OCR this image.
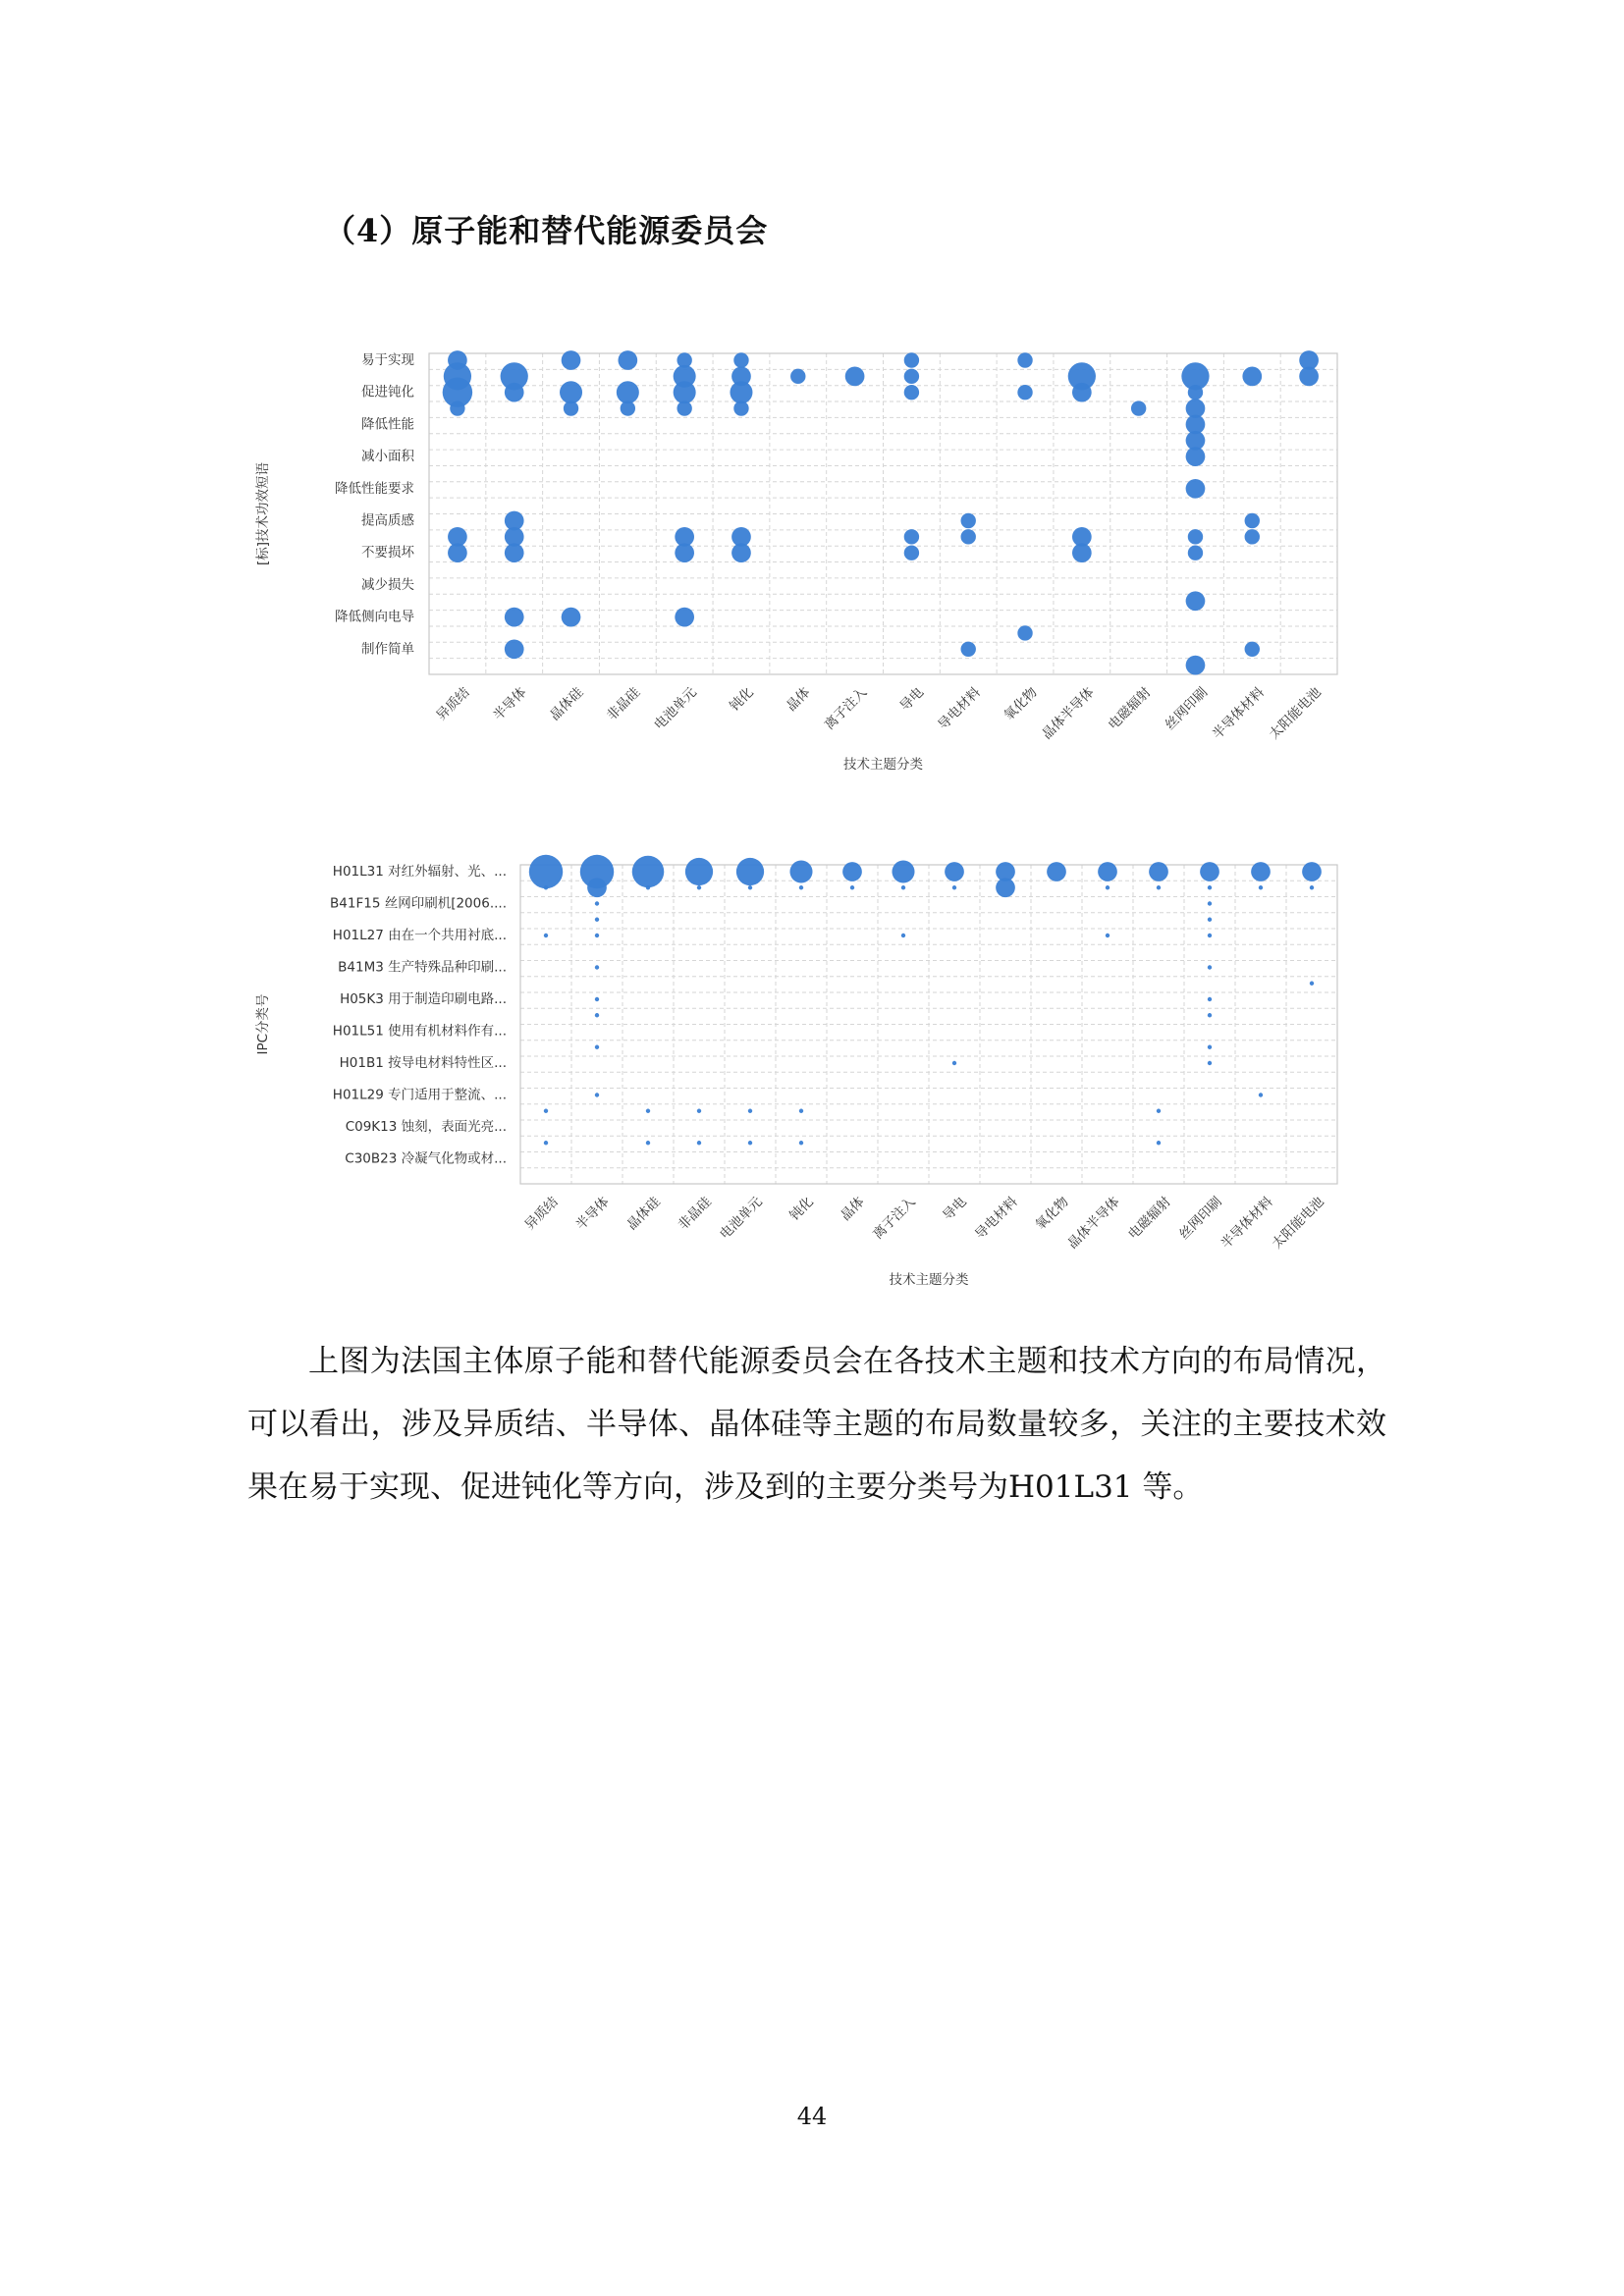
（4）原子能和替代能源委员会
易于实现
促进钝化
降低性能
减小面积
降低性能要求
提高质感
不要损坏
减少损失
降低侧向电导
制作简单
异质结 半导体 晶体硅 非晶硅 电池单元 钝化 晶体 离子注入 导电 导电材料 氧化物
晶体半导体 电磁辐射 丝网印刷
半导体材料
太阳能电池
技术主题分类
[标]技术功效短语
H01L31 对红外辐射、光、...
B41F15 丝网印刷机[2006....
H01L27 由在一个共用衬底...
B41M3 生产特殊品种印刷...
H05K3 用于制造印刷电路...
H01L51 使用有机材料作有...
H01B1 按导电材料特性区...
H01L29 专门适用于整流、...
C09K13 蚀刻，表面光亮...
C30B23 冷凝气化物或材...
异质结 半导体 晶体硅 非晶硅 电池单元 钝化 晶体 离子注入 导电 导电材料 氧化物
晶体半导体 电磁辐射 丝网印刷
半导体材料
太阳能电池
技术主题分类
IPC分类号

上图为法国主体原子能和替代能源委员会在各技术主题和技术方向的布局情况，可以看出，涉及异质结、半导体、晶体硅等主题的布局数量较多，关注的主要技术效果在易于实现、促进钝化等方向，涉及到的主要分类号为H01L31 等。

44
